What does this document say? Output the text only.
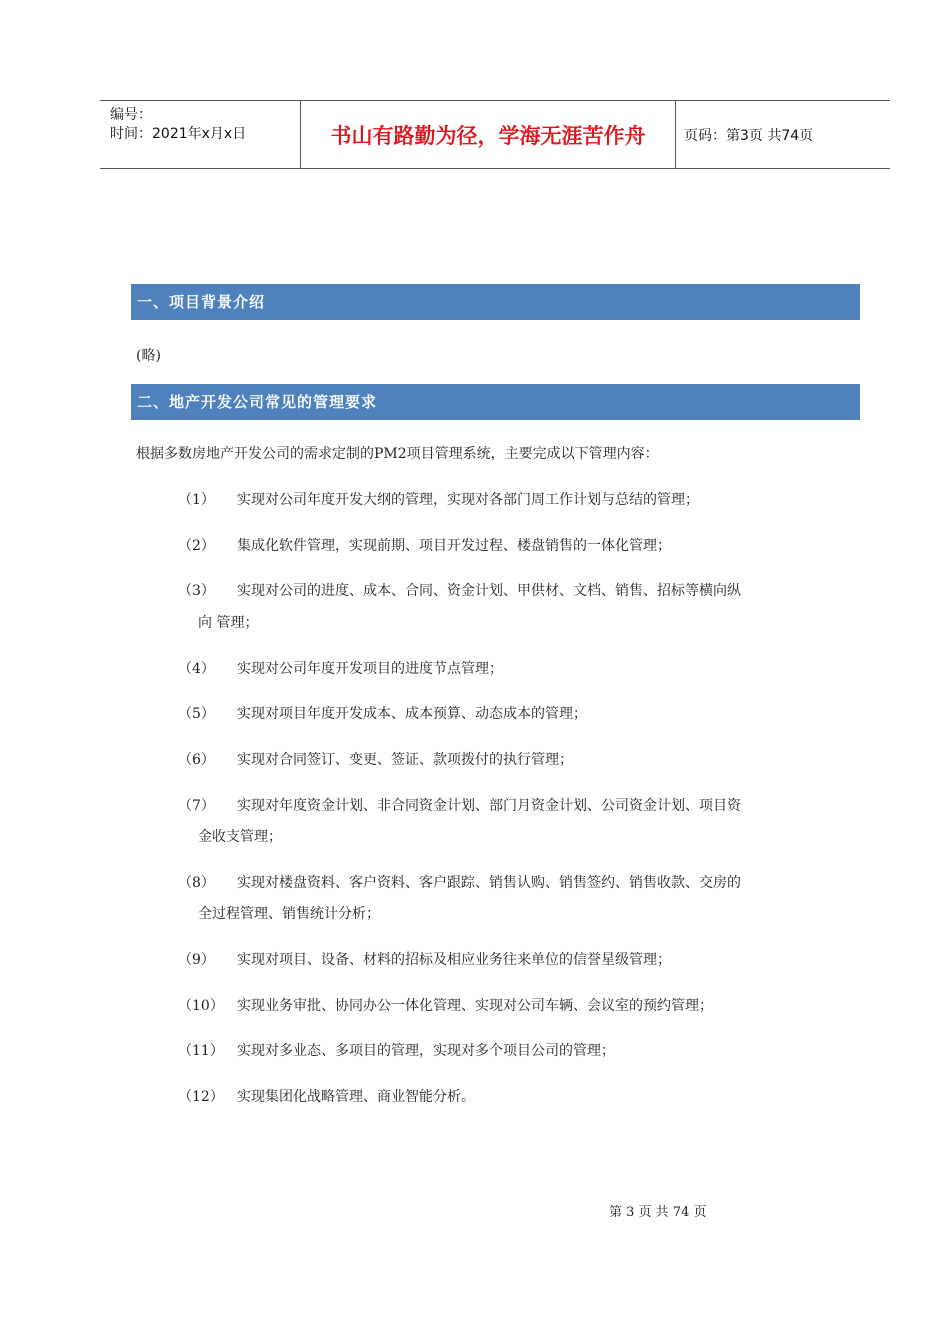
编号：
时间：2021年x月x日	书山有路勤为径，学海无涯苦作舟	页码：第3页 共74页
一、项目背景介绍
(略)
二、地产开发公司常见的管理要求
根据多数房地产开发公司的需求定制的PM2项目管理系统，主要完成以下管理内容：
（1） 实现对公司年度开发大纲的管理，实现对各部门周工作计划与总结的管理；
（2） 集成化软件管理，实现前期、项目开发过程、楼盘销售的一体化管理；
（3） 实现对公司的进度、成本、合同、资金计划、甲供材、文档、销售、招标等横向纵
向 管理；
（4） 实现对公司年度开发项目的进度节点管理；
（5） 实现对项目年度开发成本、成本预算、动态成本的管理；
（6） 实现对合同签订、变更、签证、款项拨付的执行管理；
（7） 实现对年度资金计划、非合同资金计划、部门月资金计划、公司资金计划、项目资
金收支管理；
（8） 实现对楼盘资料、客户资料、客户跟踪、销售认购、销售签约、销售收款、交房的
全过程管理、销售统计分析；
（9） 实现对项目、设备、材料的招标及相应业务往来单位的信誉星级管理；
（10） 实现业务审批、协同办公一体化管理、实现对公司车辆、会议室的预约管理；
（11） 实现对多业态、多项目的管理，实现对多个项目公司的管理；
（12） 实现集团化战略管理、商业智能分析。
第 3 页 共 74 页
